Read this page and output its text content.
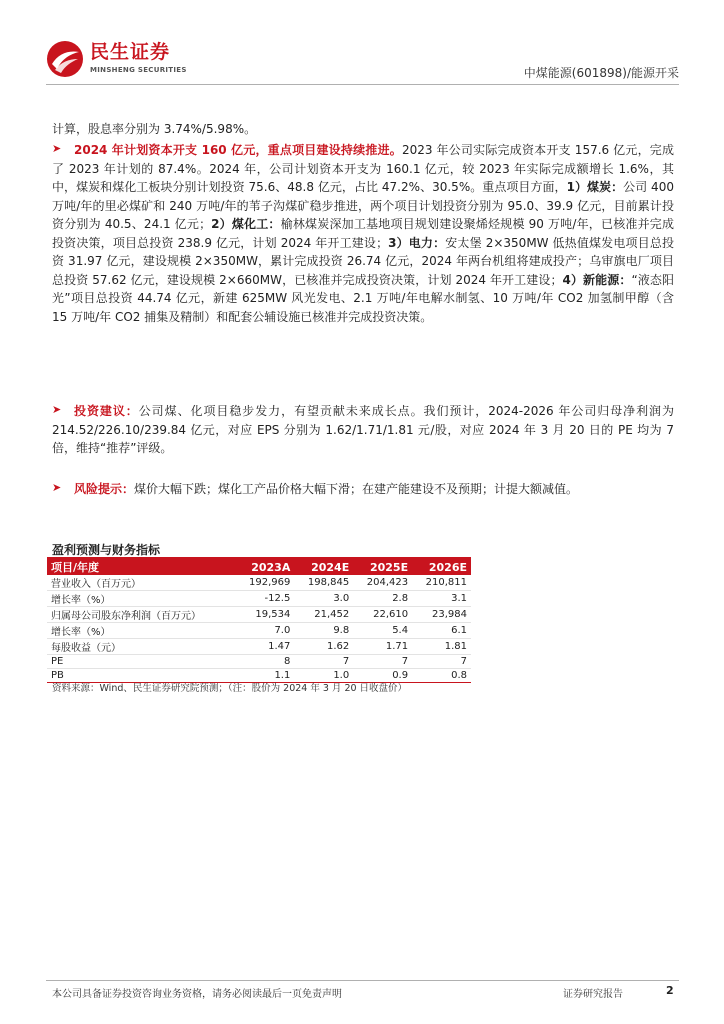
民生证券
MINSHENG SECURITIES	中煤能源(601898)/能源开采
计算，股息率分别为 3.74%/5.98%。
➤	2024 年计划资本开支 160 亿元，重点项目建设持续推进。2023 年公司实际完成资本开支 157.6 亿元，完成了 2023 年计划的 87.4%。2024 年，公司计划资本开支为 160.1 亿元，较 2023 年实际完成额增长 1.6%，其中，煤炭和煤化工板块分别计划投资 75.6、48.8 亿元，占比 47.2%、30.5%。重点项目方面，1）煤炭：公司 400 万吨/年的里必煤矿和 240 万吨/年的苇子沟煤矿稳步推进，两个项目计划投资分别为 95.0、39.9 亿元，目前累计投资分别为 40.5、24.1 亿元；2）煤化工：榆林煤炭深加工基地项目规划建设聚烯烃规模 90 万吨/年，已核准并完成投资决策，项目总投资 238.9 亿元，计划 2024 年开工建设；3）电力：安太堡 2×350MW 低热值煤发电项目总投资 31.97 亿元，建设规模 2×350MW，累计完成投资 26.74 亿元，2024 年两台机组将建成投产；乌审旗电厂项目总投资 57.62 亿元，建设规模 2×660MW，已核准并完成投资决策，计划 2024 年开工建设；4）新能源：“液态阳光”项目总投资 44.74 亿元，新建 625MW 风光发电、2.1 万吨/年电解水制氢、10 万吨/年 CO2 加氢制甲醇（含 15 万吨/年 CO2 捕集及精制）和配套公辅设施已核准并完成投资决策。
➤	投资建议：公司煤、化项目稳步发力，有望贡献未来成长点。我们预计，2024-2026 年公司归母净利润为 214.52/226.10/239.84 亿元，对应 EPS 分别为 1.62/1.71/1.81 元/股，对应 2024 年 3 月 20 日的 PE 均为 7 倍，维持“推荐”评级。
➤	风险提示：煤价大幅下跌；煤化工产品价格大幅下滑；在建产能建设不及预期；计提大额减值。
盈利预测与财务指标
项目/年度	2023A	2024E	2025E	2026E
营业收入（百万元）	192,969	198,845	204,423	210,811
增长率（%）	-12.5	3.0	2.8	3.1
归属母公司股东净利润（百万元）	19,534	21,452	22,610	23,984
增长率（%）	7.0	9.8	5.4	6.1
每股收益（元）	1.47	1.62	1.71	1.81
PE	8	7	7	7
PB	1.1	1.0	0.9	0.8
资料来源：Wind、民生证券研究院预测；（注：股价为 2024 年 3 月 20 日收盘价）
本公司具备证券投资咨询业务资格，请务必阅读最后一页免责声明	证券研究报告	2
